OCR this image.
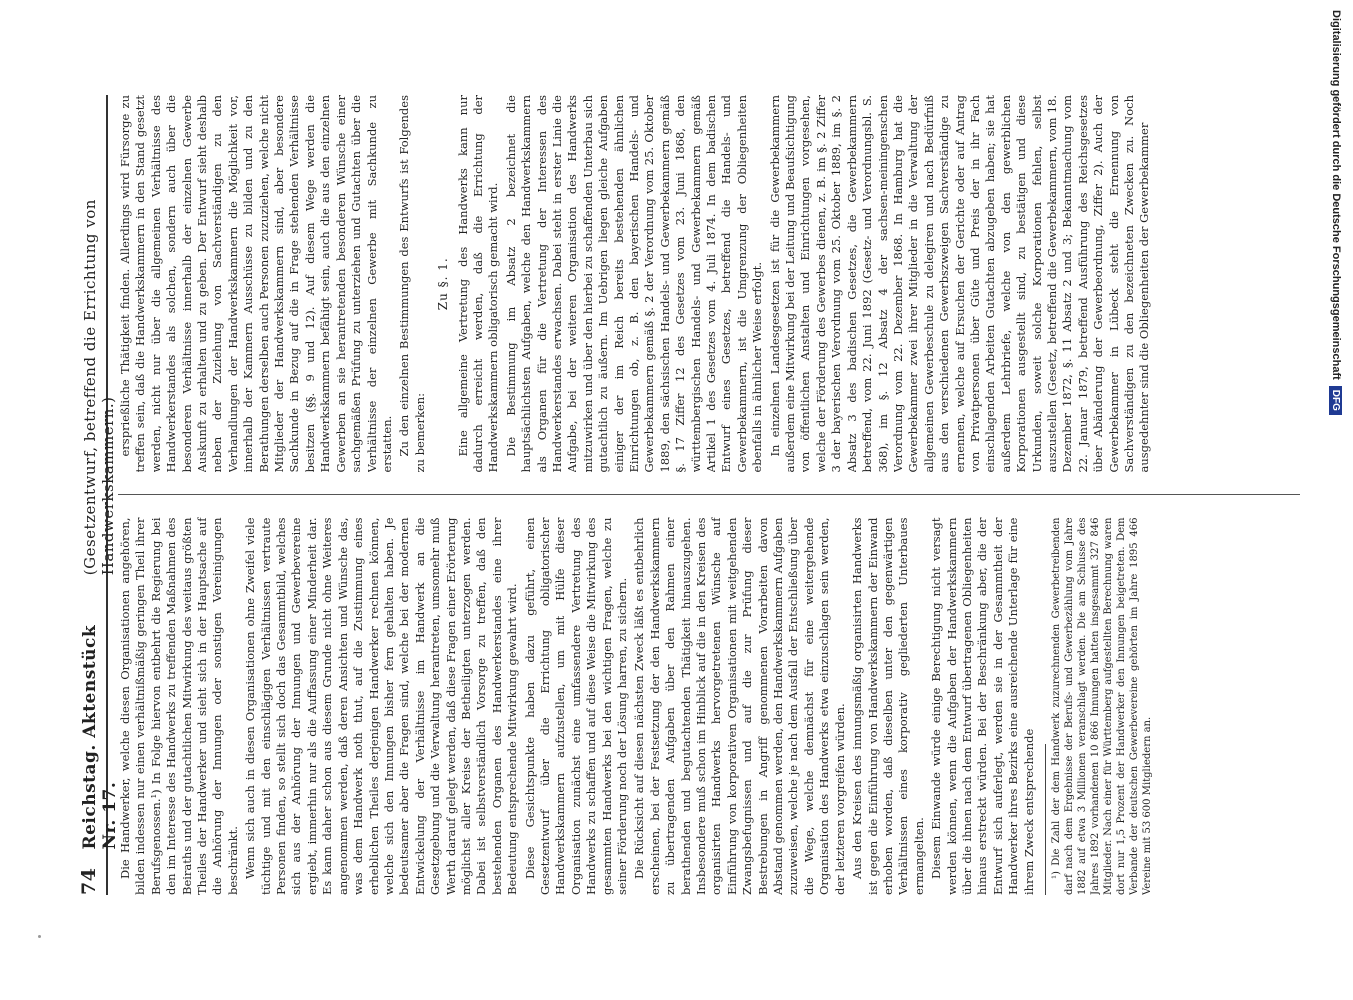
74
Reichstag. Aktenstück Nr. 17.
(Gesetzentwurf, betreffend die Errichtung von Handwerkskammern.)

Die Handwerker, welche diesen Organisationen angehören, bilden indessen nur einen verhältnißmäßig geringen Theil ihrer Berufsgenossen.¹) In Folge hiervon entbehrt die Regierung bei den im Interesse des Handwerks zu treffenden Maßnahmen des Beiraths und der gutachtlichen Mitwirkung des weitaus größten Theiles der Handwerker und sieht sich in der Hauptsache auf die Anhörung der Innungen oder sonstigen Vereinigungen beschränkt. Wenn sich auch in diesen Organisationen ohne Zweifel viele tüchtige und mit den einschlägigen Verhältnissen vertraute Personen finden, so stellt sich doch das Gesammtbild, welches sich aus der Anhörung der Innungen und Gewerbevereine ergiebt, immerhin nur als die Auffassung einer Minderheit dar. Es kann daher schon aus diesem Grunde nicht ohne Weiteres angenommen werden, daß deren Ansichten und Wünsche das, was dem Handwerk noth thut, auf die Zustimmung eines erheblichen Theiles derjenigen Handwerker rechnen können, welche sich den Innungen bisher fern gehalten haben. Je bedeutsamer aber die Fragen sind, welche bei der modernen Entwickelung der Verhältnisse im Handwerk an die Gesetzgebung und die Verwaltung herantreten, umsomehr muß Werth darauf gelegt werden, daß diese Fragen einer Erörterung möglichst aller Kreise der Betheiligten unterzogen werden. Dabei ist selbstverständlich Vorsorge zu treffen, daß den bestehenden Organen des Handwerkerstandes eine ihrer Bedeutung entsprechende Mitwirkung gewahrt wird. Diese Gesichtspunkte haben dazu geführt, einen Gesetzentwurf über die Errichtung obligatorischer Handwerkskammern aufzustellen, um mit Hülfe dieser Organisation zunächst eine umfassendere Vertretung des Handwerks zu schaffen und auf diese Weise die Mitwirkung des gesammten Handwerks bei den wichtigen Fragen, welche zu seiner Förderung noch der Lösung harren, zu sichern. Die Rücksicht auf diesen nächsten Zweck läßt es entbehrlich erscheinen, bei der Festsetzung der den Handwerkskammern zu übertragenden Aufgaben über den Rahmen einer berathenden und begutachtenden Thätigkeit hinauszugehen. Insbesondere muß schon im Hinblick auf die in den Kreisen des organisirten Handwerks hervorgetretenen Wünsche auf Einführung von korporativen Organisationen mit weitgehenden Zwangsbefugnissen und auf die zur Prüfung dieser Bestrebungen in Angriff genommenen Vorarbeiten davon Abstand genommen werden, den Handwerkskammern Aufgaben zuzuweisen, welche je nach dem Ausfall der Entschließung über die Wege, welche demnächst für eine weitergehende Organisation des Handwerks etwa einzuschlagen sein werden, der letzteren vorgreifen würden. Aus den Kreisen des innungsmäßig organisirten Handwerks ist gegen die Einführung von Handwerkskammern der Einwand erhoben worden, daß dieselben unter den gegenwärtigen Verhältnissen eines korporativ gegliederten Unterbaues ermangelten. Diesem Einwande würde einige Berechtigung nicht versagt werden können, wenn die Aufgaben der Handwerkskammern über die ihnen nach dem Entwurf übertragenen Obliegenheiten hinaus erstreckt würden. Bei der Beschränkung aber, die der Entwurf sich auferlegt, werden sie in der Gesammtheit der Handwerker ihres Bezirks eine ausreichende Unterlage für eine ihrem Zweck entsprechende ¹) Die Zahl der dem Handwerk zuzurechnenden Gewerbetreibenden darf nach dem Ergebnisse der Berufs- und Gewerbezählung vom Jahre 1882 auf etwa 3 Millionen veranschlagt werden. Die am Schlusse des Jahres 1892 vorhandenen 10 866 Innungen hatten insgesammt 327 846 Mitglieder. Nach einer für Württemberg aufgestellten Berechnung waren dort nur 1,5 Prozent der Handwerker den Innungen beigetreten. Dem Verbande der deutschen Gewerbevereine gehörten im Jahre 1895 466 Vereine mit 53 600 Mitgliedern an.

ersprießliche Thätigkeit finden. Allerdings wird Fürsorge zu treffen sein, daß die Handwerkskammern in den Stand gesetzt werden, nicht nur über die allgemeinen Verhältnisse des Handwerkerstandes als solchen, sondern auch über die besonderen Verhältnisse innerhalb der einzelnen Gewerbe Auskunft zu erhalten und zu geben. Der Entwurf sieht deshalb neben der Zuziehung von Sachverständigen zu den Verhandlungen der Handwerkskammern die Möglichkeit vor, innerhalb der Kammern Ausschüsse zu bilden und zu den Berathungen derselben auch Personen zuzuziehen, welche nicht Mitglieder der Handwerkskammern sind, aber besondere Sachkunde in Bezug auf die in Frage stehenden Verhältnisse besitzen (§§. 9 und 12). Auf diesem Wege werden die Handwerkskammern befähigt sein, auch die aus den einzelnen Gewerben an sie herantretenden besonderen Wünsche einer sachgemäßen Prüfung zu unterziehen und Gutachten über die Verhältnisse der einzelnen Gewerbe mit Sachkunde zu erstatten. Zu den einzelnen Bestimmungen des Entwurfs ist Folgendes zu bemerken:

Zu §. 1. Eine allgemeine Vertretung des Handwerks kann nur dadurch erreicht werden, daß die Errichtung der Handwerkskammern obligatorisch gemacht wird. Die Bestimmung im Absatz 2 bezeichnet die hauptsächlichsten Aufgaben, welche den Handwerkskammern als Organen für die Vertretung der Interessen des Handwerkerstandes erwachsen. Dabei steht in erster Linie die Aufgabe, bei der weiteren Organisation des Handwerks mitzuwirken und über den hierbei zu schaffenden Unterbau sich gutachtlich zu äußern. Im Uebrigen liegen gleiche Aufgaben einiger der im Reich bereits bestehenden ähnlichen Einrichtungen ob, z. B. den bayerischen Handels- und Gewerbekammern gemäß §. 2 der Verordnung vom 25. Oktober 1889, den sächsischen Handels- und Gewerbekammern gemäß §. 17 Ziffer 12 des Gesetzes vom 23. Juni 1868, den württembergischen Handels- und Gewerbekammern gemäß Artikel 1 des Gesetzes vom 4. Juli 1874. In dem badischen Entwurf eines Gesetzes, betreffend die Handels- und Gewerbekammern, ist die Umgrenzung der Obliegenheiten ebenfalls in ähnlicher Weise erfolgt. In einzelnen Landesgesetzen ist für die Gewerbekammern außerdem eine Mitwirkung bei der Leitung und Beaufsichtigung von öffentlichen Anstalten und Einrichtungen vorgesehen, welche der Förderung des Gewerbes dienen, z. B. im §. 2 Ziffer 3 der bayerischen Verordnung vom 25. Oktober 1889, im §. 2 Absatz 3 des badischen Gesetzes, die Gewerbekammern betreffend, vom 22. Juni 1892 (Gesetz- und Verordnungsbl. S. 368), im §. 12 Absatz 4 der sachsen-meiningenschen Verordnung vom 22. Dezember 1868. In Hamburg hat die Gewerbekammer zwei ihrer Mitglieder in die Verwaltung der allgemeinen Gewerbeschule zu delegiren und nach Bedürfniß aus den verschiedenen Gewerbszweigen Sachverständige zu ernennen, welche auf Ersuchen der Gerichte oder auf Antrag von Privatpersonen über Güte und Preis der in ihr Fach einschlagenden Arbeiten Gutachten abzugeben haben; sie hat außerdem Lehrbriefe, welche von den gewerblichen Korporationen ausgestellt sind, zu bestätigen und diese Urkunden, soweit solche Korporationen fehlen, selbst auszustellen (Gesetz, betreffend die Gewerbekammern, vom 18. Dezember 1872, §. 11 Absatz 2 und 3; Bekanntmachung vom 22. Januar 1879, betreffend Ausführung des Reichsgesetzes über Abänderung der Gewerbeordnung, Ziffer 2). Auch der Gewerbekammer in Lübeck steht die Ernennung von Sachverständigen zu den bezeichneten Zwecken zu. Noch ausgedehnter sind die Obliegenheiten der Gewerbekammer	Digitalisierung gefördert durch die Deutsche Forschungsgemeinschaft
DFG
